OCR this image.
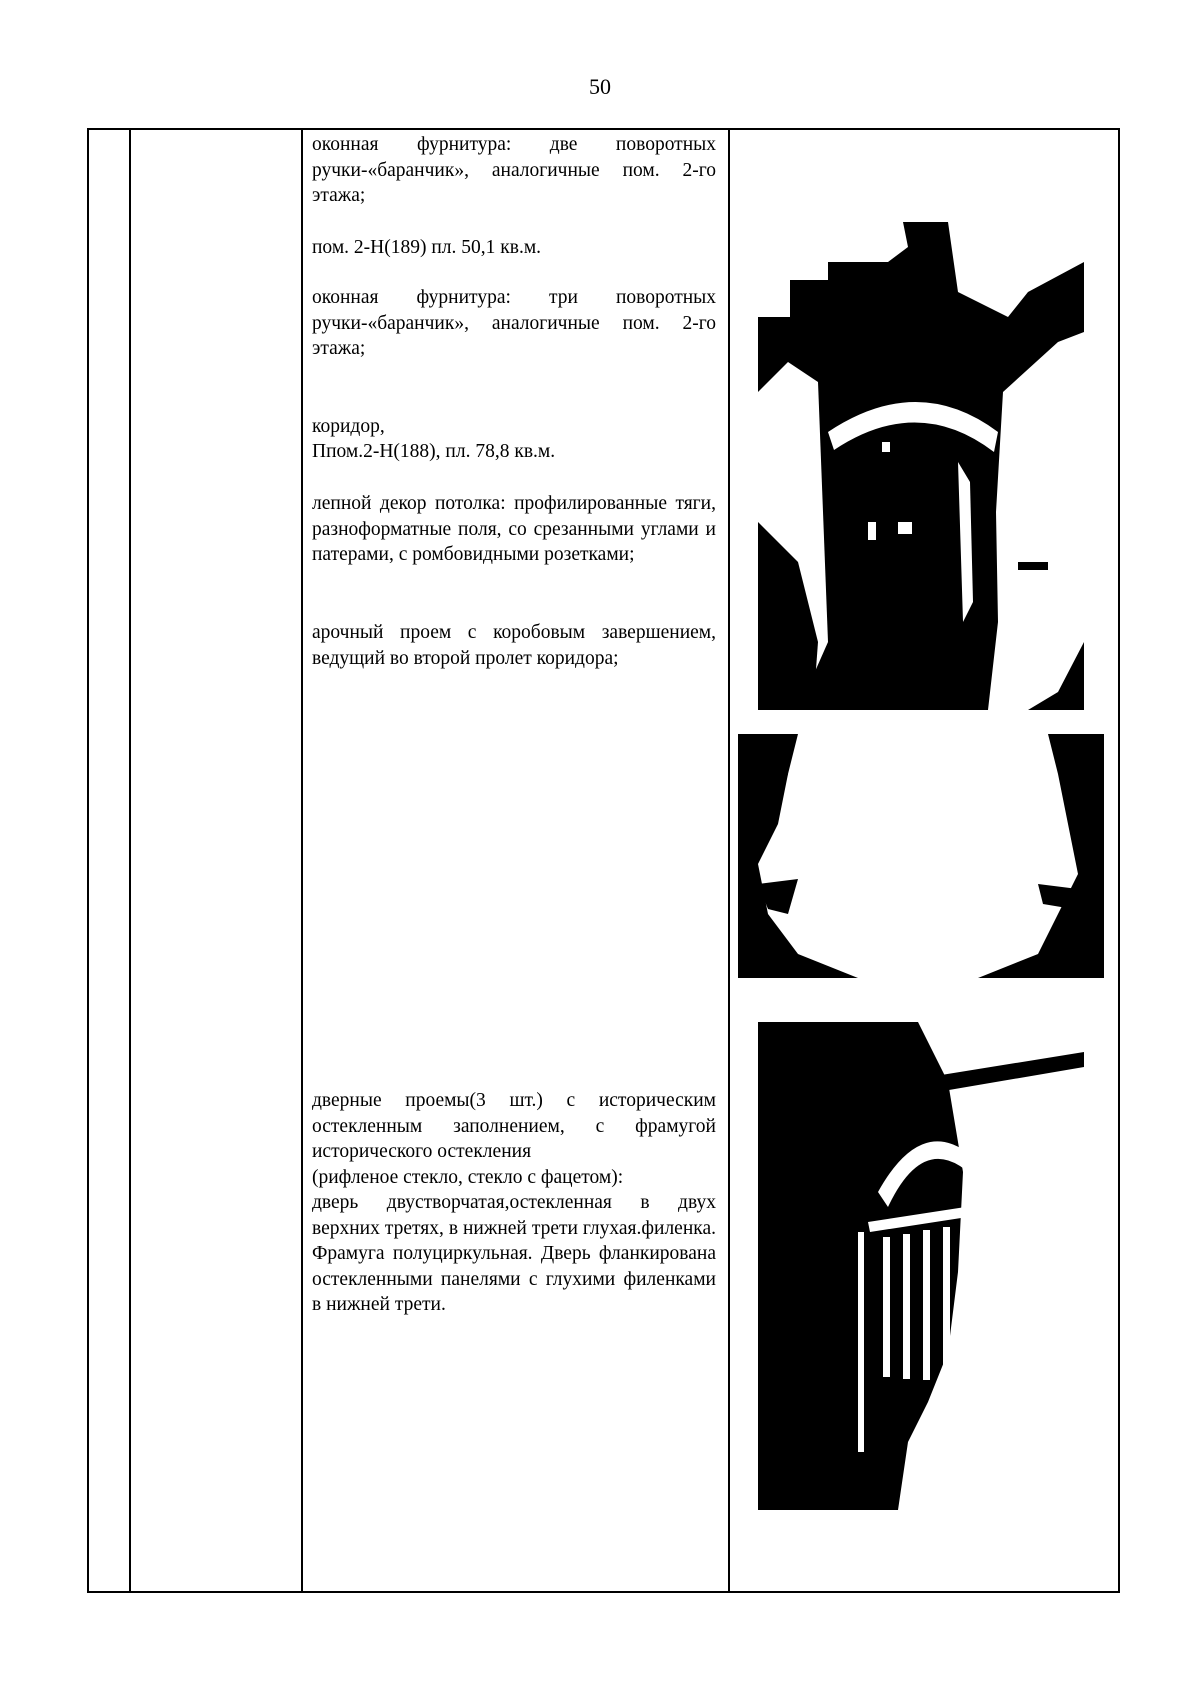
50
оконная фурнитура: две поворотных ручки-«баранчик», аналогичные пом. 2-го этажа;
пом. 2-Н(189) пл. 50,1 кв.м.
оконная фурнитура: три поворотных ручки-«баранчик», аналогичные пом. 2-го этажа;
коридор,
Ппом.2-Н(188), пл. 78,8 кв.м.
лепной декор потолка: профилированные тяги, разноформатные поля, со срезанными углами и патерами, с ромбовидными розетками;
арочный проем с коробовым завершением, ведущий во второй пролет коридора;
дверные проемы(3 шт.) с историческим остекленным заполнением, с фрамугой исторического остекления
(рифленое стекло, стекло с фацетом):
дверь двустворчатая,остекленная в двух верхних третях, в нижней трети глухая.филенка. Фрамуга полуциркульная. Дверь фланкирована остекленными панелями с глухими филенками в нижней трети.
